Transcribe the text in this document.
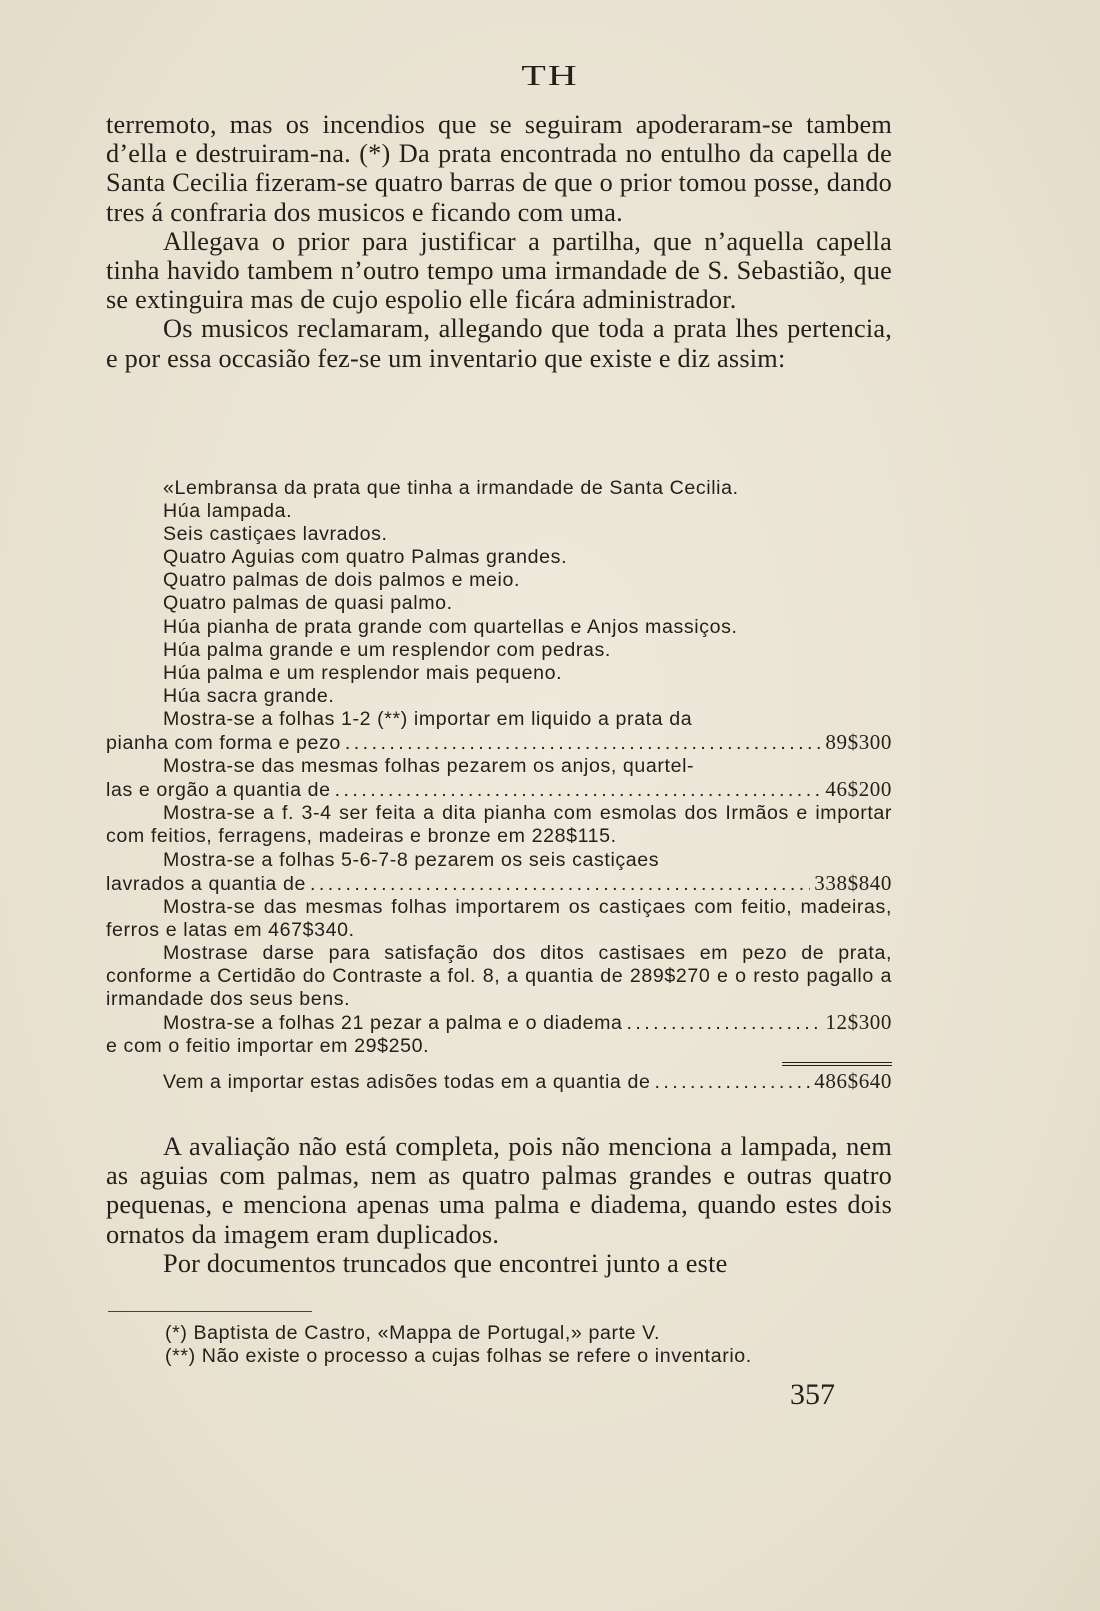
TH

terremoto, mas os incendios que se seguiram apoderaram-se tambem d’ella e destruiram-na. (*) Da prata encontrada no entulho da capella de Santa Cecilia fizeram-se quatro barras de que o prior tomou posse, dando tres á confraria dos musicos e ficando com uma.

Allegava o prior para justificar a partilha, que n’aquella capella tinha havido tambem n’outro tempo uma irmandade de S. Sebastião, que se extinguira mas de cujo espolio elle ficára administrador.

Os musicos reclamaram, allegando que toda a prata lhes pertencia, e por essa occasião fez-se um inventario que existe e diz assim:

«Lembransa da prata que tinha a irmandade de Santa Cecilia.
Húa lampada.
Seis castiçaes lavrados.
Quatro Aguias com quatro Palmas grandes.
Quatro palmas de dois palmos e meio.
Quatro palmas de quasi palmo.
Húa pianha de prata grande com quartellas e Anjos massiços.
Húa palma grande e um resplendor com pedras.
Húa palma e um resplendor mais pequeno.
Húa sacra grande.
Mostra-se a folhas 1-2 (**) importar em liquido a prata da
pianha com forma e pezo . . .	89$300
Mostra-se das mesmas folhas pezarem os anjos, quartel-
las e orgão a quantia de . . .	46$200
Mostra-se a f. 3-4 ser feita a dita pianha com esmolas dos Irmãos e importar com feitios, ferragens, madeiras e bronze em 228$115.
Mostra-se a folhas 5-6-7-8 pezarem os seis castiçaes
lavrados a quantia de . . .	338$840
Mostra-se das mesmas folhas importarem os castiçaes com feitio, madeiras, ferros e latas em 467$340.
Mostrase darse para satisfação dos ditos castisaes em pezo de prata, conforme a Certidão do Contraste a fol. 8, a quantia de 289$270 e o resto pagallo a irmandade dos seus bens.
Mostra-se a folhas 21 pezar a palma e o diadema . . .	12$300
e com o feitio importar em 29$250.
Vem a importar estas adisões todas em a quantia de . . .	486$640

A avaliação não está completa, pois não menciona a lampada, nem as aguias com palmas, nem as quatro palmas grandes e outras quatro pequenas, e menciona apenas uma palma e diadema, quando estes dois ornatos da imagem eram duplicados.

Por documentos truncados que encontrei junto a este

(*) Baptista de Castro, «Mappa de Portugal,» parte V.
(**) Não existe o processo a cujas folhas se refere o inventario.
357
